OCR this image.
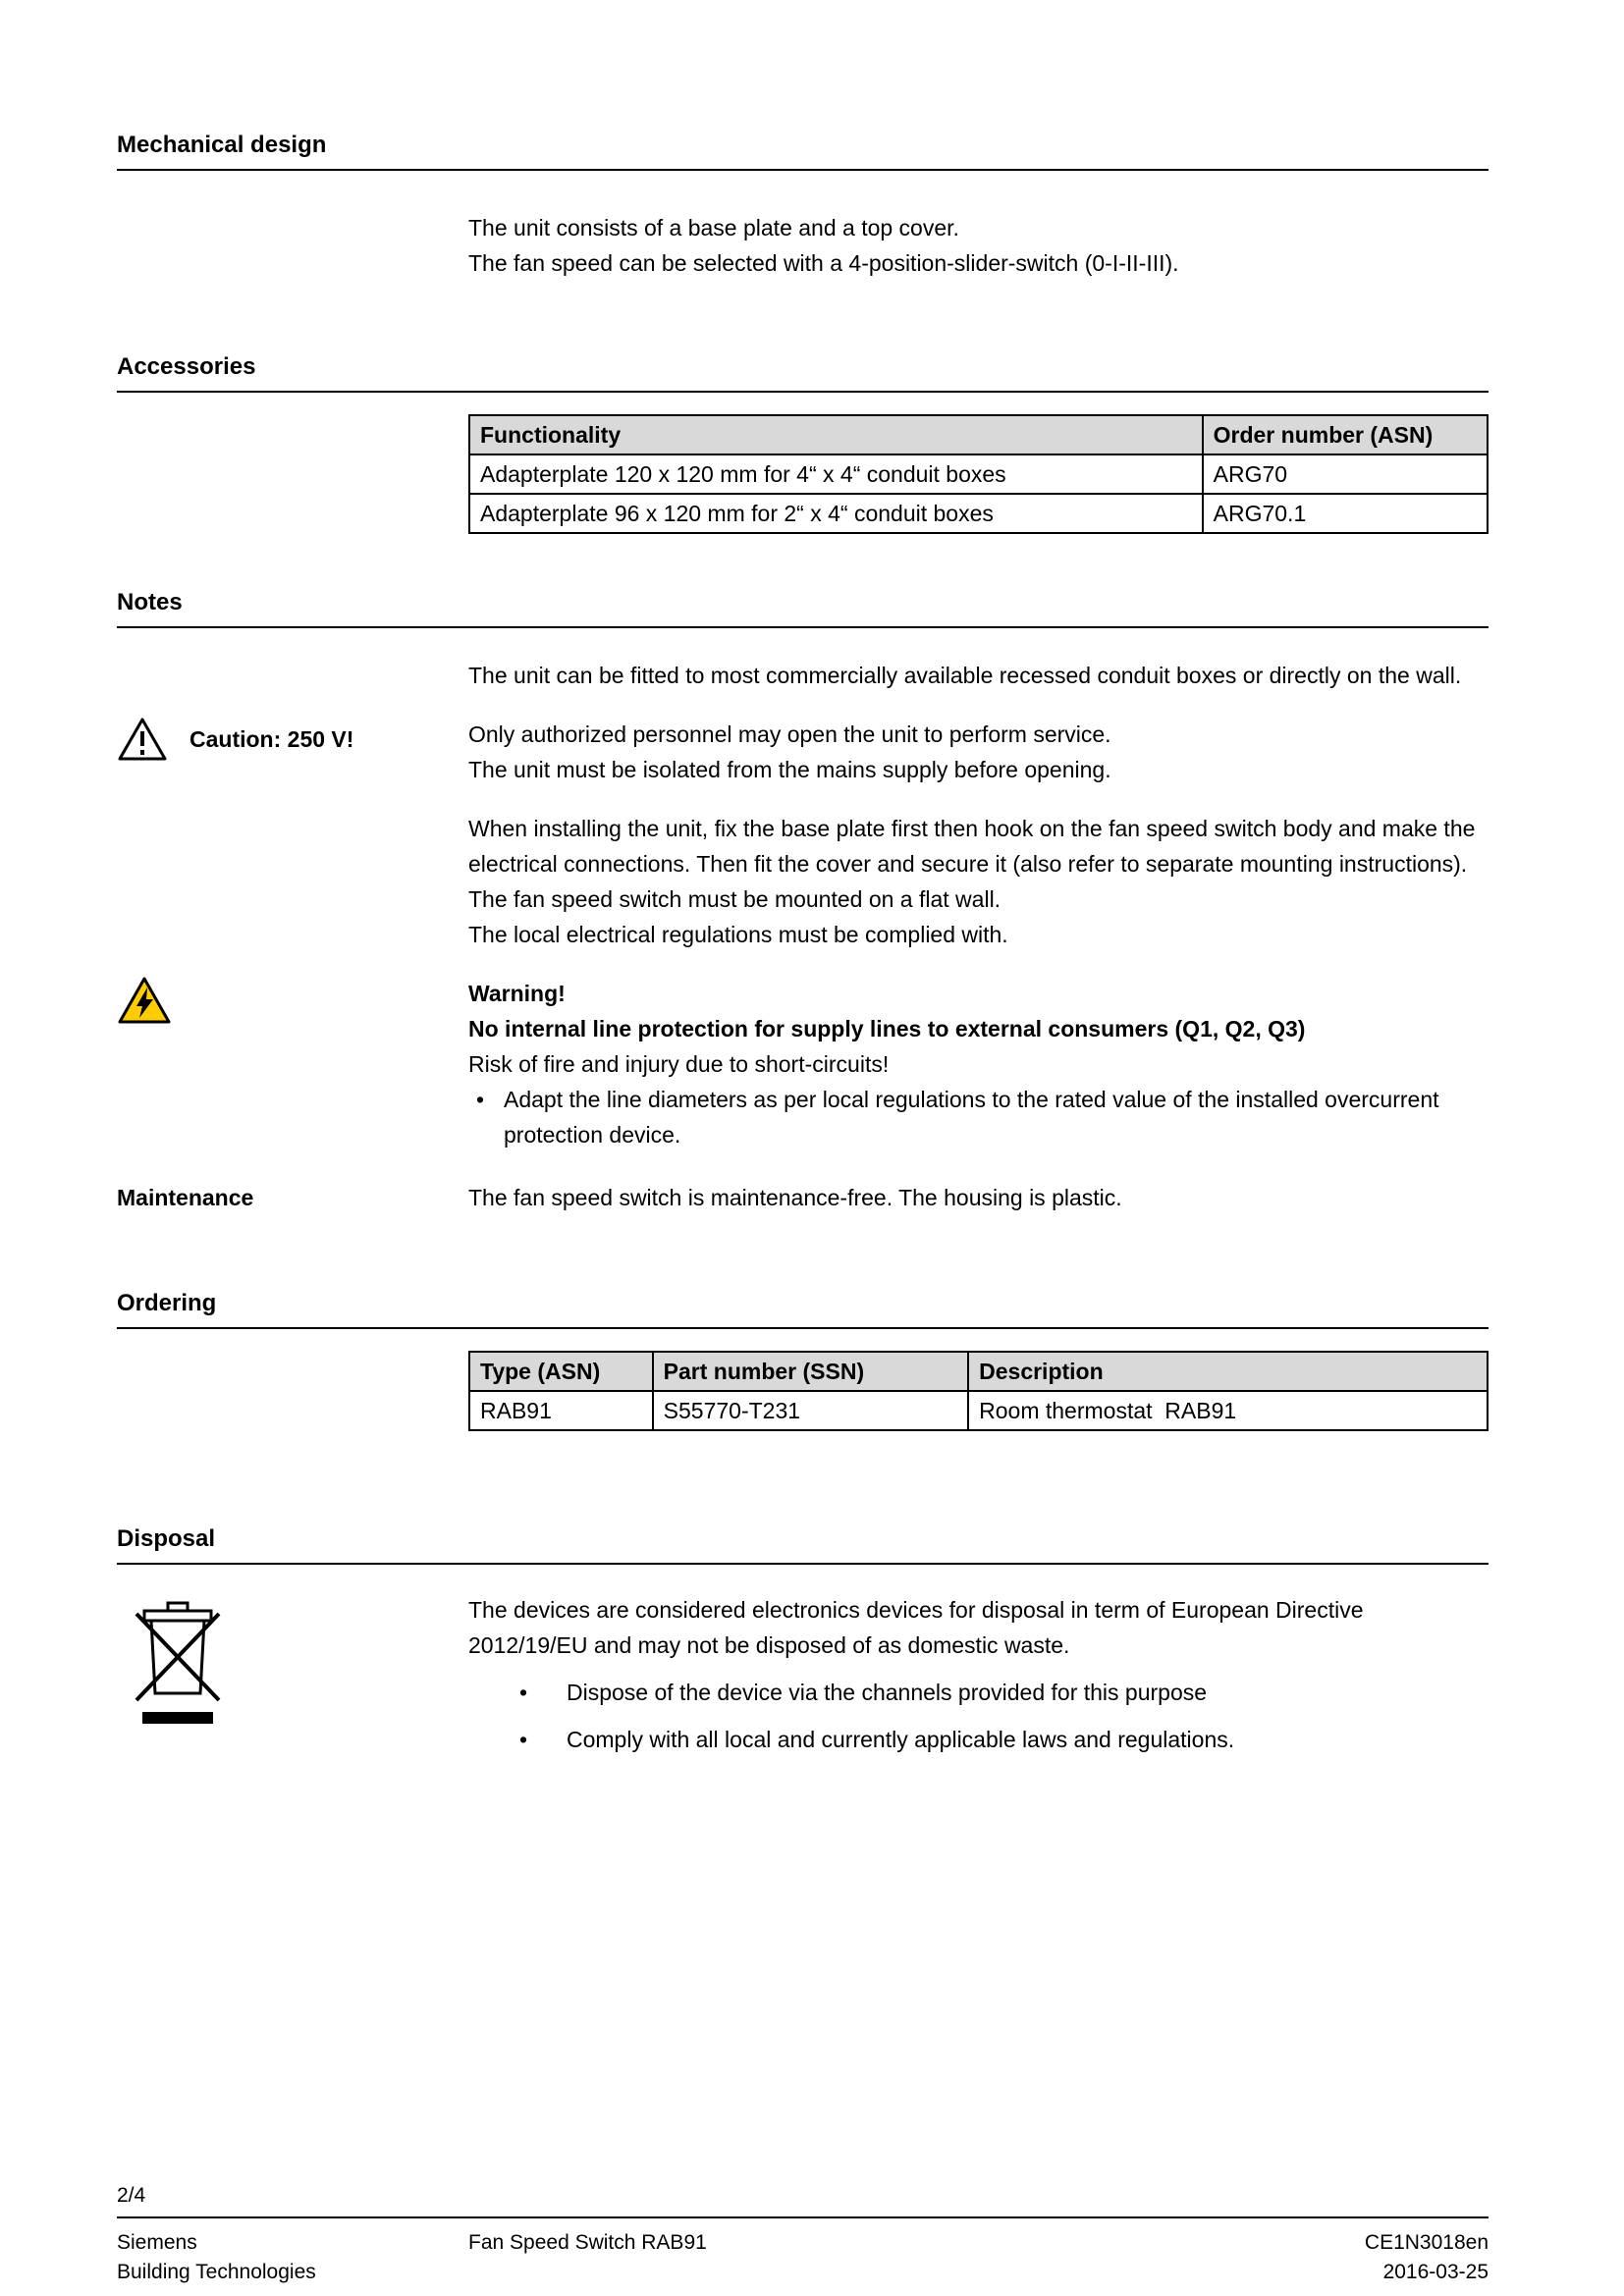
Mechanical design
The unit consists of a base plate and a top cover.
The fan speed can be selected with a 4-position-slider-switch (0-I-II-III).
Accessories
Functionality	Order number (ASN)
Adapterplate 120 x 120 mm for 4“ x 4“ conduit boxes	ARG70
Adapterplate 96 x 120 mm for 2“ x 4“ conduit boxes	ARG70.1
Notes

The unit can be fitted to most commercially available recessed conduit boxes or directly on the wall.

Caution: 250 V!	Only authorized personnel may open the unit to perform service.
The unit must be isolated from the mains supply before opening.

When installing the unit, fix the base plate first then hook on the fan speed switch body and make the electrical connections. Then fit the cover and secure it (also refer to separate mounting instructions).

The fan speed switch must be mounted on a flat wall.
The local electrical regulations must be complied with.
Warning!
No internal line protection for supply lines to external consumers (Q1, Q2, Q3)
Risk of fire and injury due to short-circuits!
•
Adapt the line diameters as per local regulations to the rated value of the installed overcurrent protection device.
Maintenance	The fan speed switch is maintenance-free. The housing is plastic.
Ordering
Type (ASN)	Part number (SSN)	Description
RAB91	S55770-T231	Room thermostat  RAB91
Disposal

The devices are considered electronics devices for disposal in term of European Directive 2012/19/EU and may not be disposed of as domestic waste.

•
Dispose of the device via the channels provided for this purpose
•
Comply with all local and currently applicable laws and regulations.
2/4
Siemens
Building Technologies
Fan Speed Switch RAB91	CE1N3018en
2016-03-25
